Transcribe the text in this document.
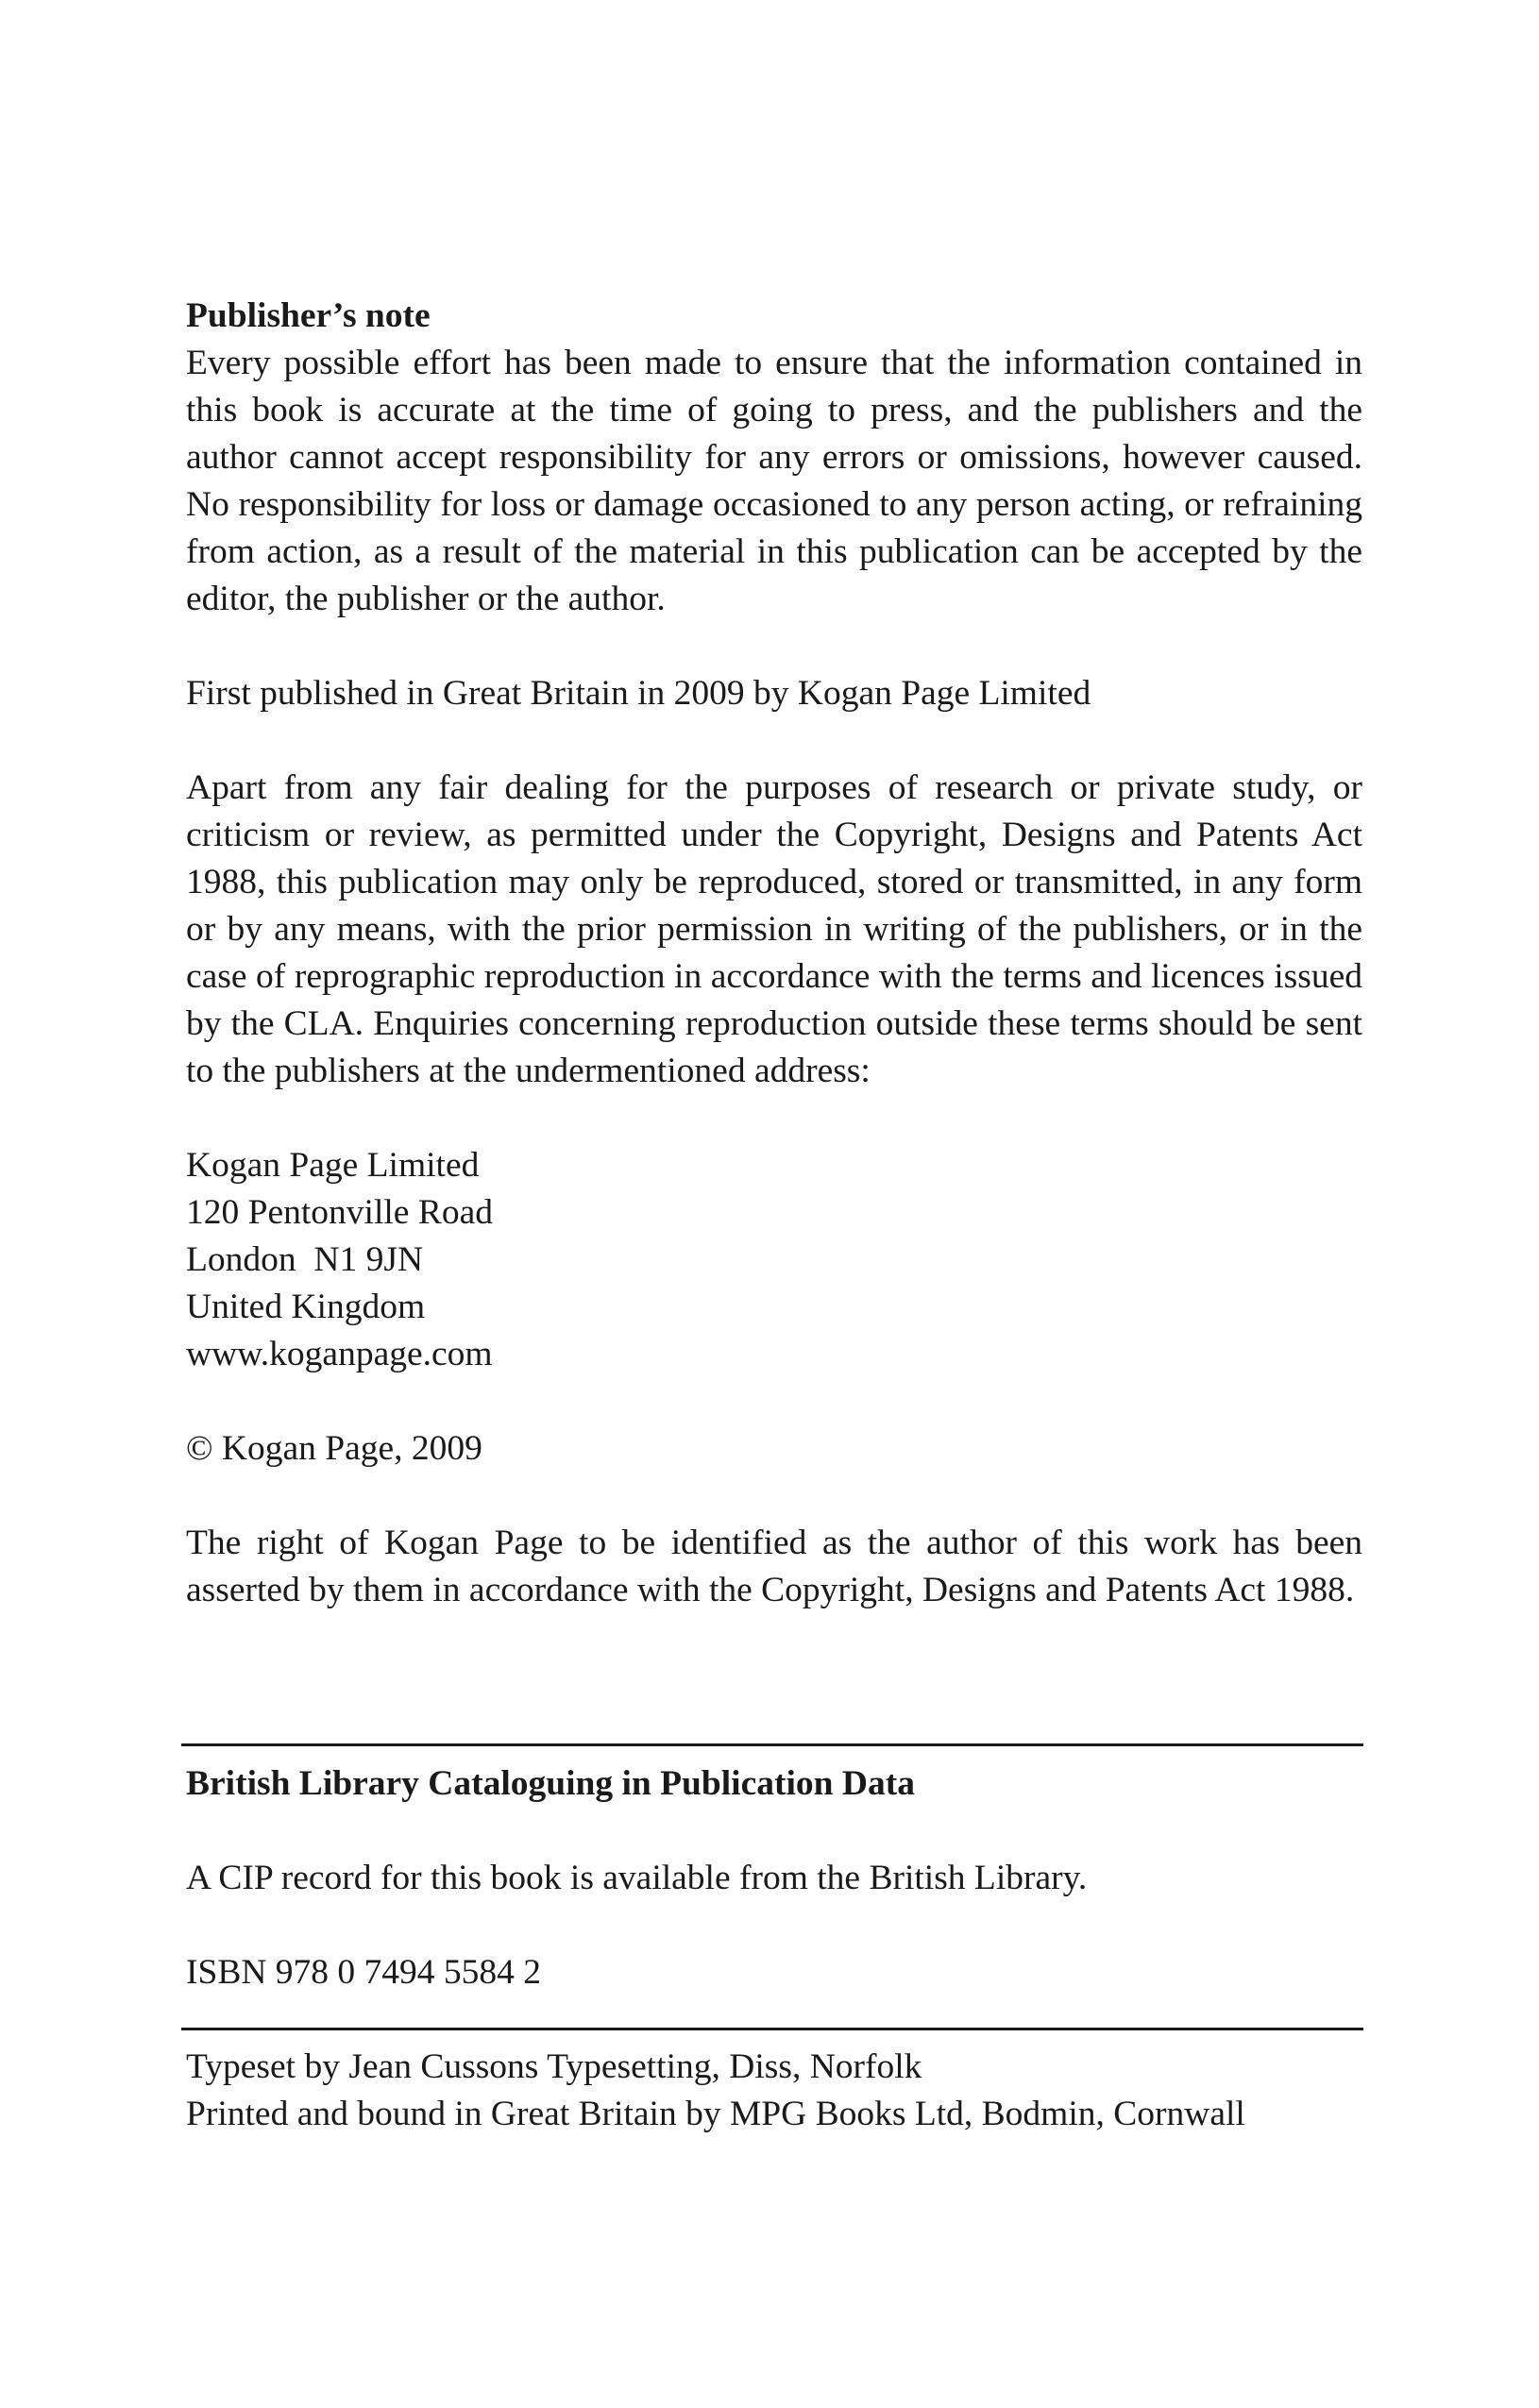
Publisher’s note

Every possible effort has been made to ensure that the information contained in this book is accurate at the time of going to press, and the publishers and the author cannot accept responsibility for any errors or omissions, however caused. No responsibility for loss or damage occasioned to any person acting, or refraining from action, as a result of the material in this publication can be accepted by the editor, the publisher or the author.

First published in Great Britain in 2009 by Kogan Page Limited

Apart from any fair dealing for the purposes of research or private study, or criticism or review, as permitted under the Copyright, Designs and Patents Act 1988, this publication may only be reproduced, stored or transmitted, in any form or by any means, with the prior permission in writing of the publishers, or in the case of reprographic reproduction in accordance with the terms and licences issued by the CLA. Enquiries concerning reproduction outside these terms should be sent to the publishers at the undermentioned address:

Kogan Page Limited
120 Pentonville Road
London  N1 9JN
United Kingdom
www.koganpage.com

© Kogan Page, 2009

The right of Kogan Page to be identified as the author of this work has been asserted by them in accordance with the Copyright, Designs and Patents Act 1988.

British Library Cataloguing in Publication Data

A CIP record for this book is available from the British Library.

ISBN 978 0 7494 5584 2

Typeset by Jean Cussons Typesetting, Diss, Norfolk
Printed and bound in Great Britain by MPG Books Ltd, Bodmin, Cornwall
